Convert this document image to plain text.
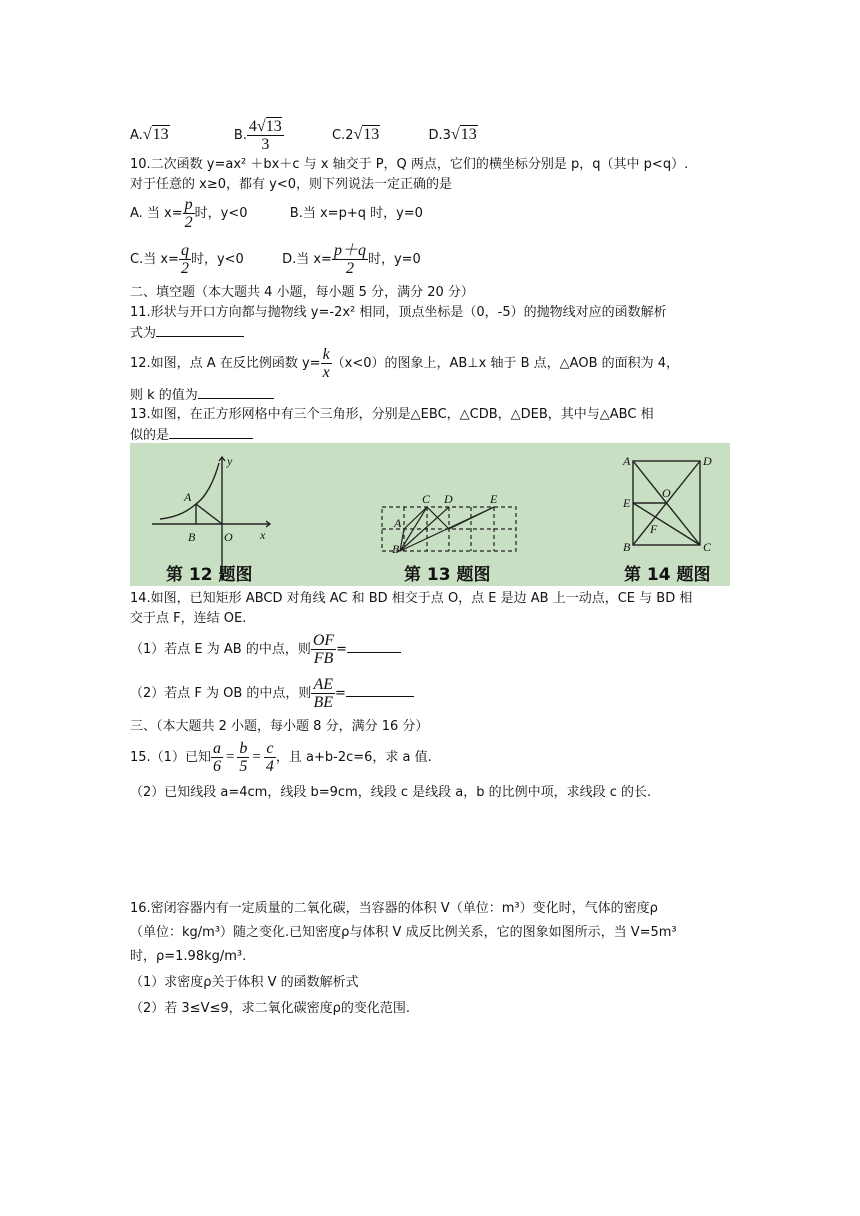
A.√13	B. $\frac{4√13}{3}$	C.2√13	D.3√13
10.二次函数 y=ax² ＋bx＋c 与 x 轴交于 P，Q 两点，它们的横坐标分别是 p，q（其中 p<q）.
对于任意的 x≥0，都有 y<0，则下列说法一定正确的是
A. 当 $x= \frac{p}{2}$ 时，y<0	B.当 x=p+q 时，y=0
C.当 $x= \frac{q}{2}$ 时，y<0	D.当 $x= \frac{p+q}{2}$ 时，y=0
二、填空题（本大题共 4 小题，每小题 5 分，满分 20 分）
11.形状与开口方向都与抛物线 y=-2x² 相同，顶点坐标是（0，-5）的抛物线对应的函数解析
式为
12.如图，点 A 在反比例函数 $y= \frac{k}{x} (x<0)$的图象上，AB⊥x 轴于 B 点，△AOB 的面积为 4，
则 k 的值为
13.如图，在正方形网格中有三个三角形，分别是△EBC，△CDB，△DEB，其中与△ABC 相
似的是
y
A
B O x
C D	E
A
B
A	D
E
O
F
B	C
第 12 题图	第 13 题图	第 14 题图
14.如图，已知矩形 ABCD 对角线 AC 和 BD 相交于点 O，点 E 是边 AB 上一动点，CE 与 BD 相
交于点 F，连结 OE.
（1）若点 E 为 AB 的中点，则 $\frac{OF}{FB}$ =
（2）若点 F 为 OB 的中点，则 $\frac{AE}{BE}$ =
三、（本大题共 2 小题，每小题 8 分，满分 16 分）
15.（1）已知 $\frac{a}{6} = \frac{b}{5} = \frac{c}{4}$ ，且 a+b-2c=6，求 a 值.
（2）已知线段 a=4cm，线段 b=9cm，线段 c 是线段 a，b 的比例中项，求线段 c 的长.
16.密闭容器内有一定质量的二氧化碳，当容器的体积 V（单位：m³）变化时，气体的密度ρ
（单位：kg/m³）随之变化.已知密度ρ与体积 V 成反比例关系，它的图象如图所示，当 V=5m³
时，ρ=1.98kg/m³.
（1）求密度ρ关于体积 V 的函数解析式
（2）若 3≤V≤9，求二氧化碳密度ρ的变化范围.
